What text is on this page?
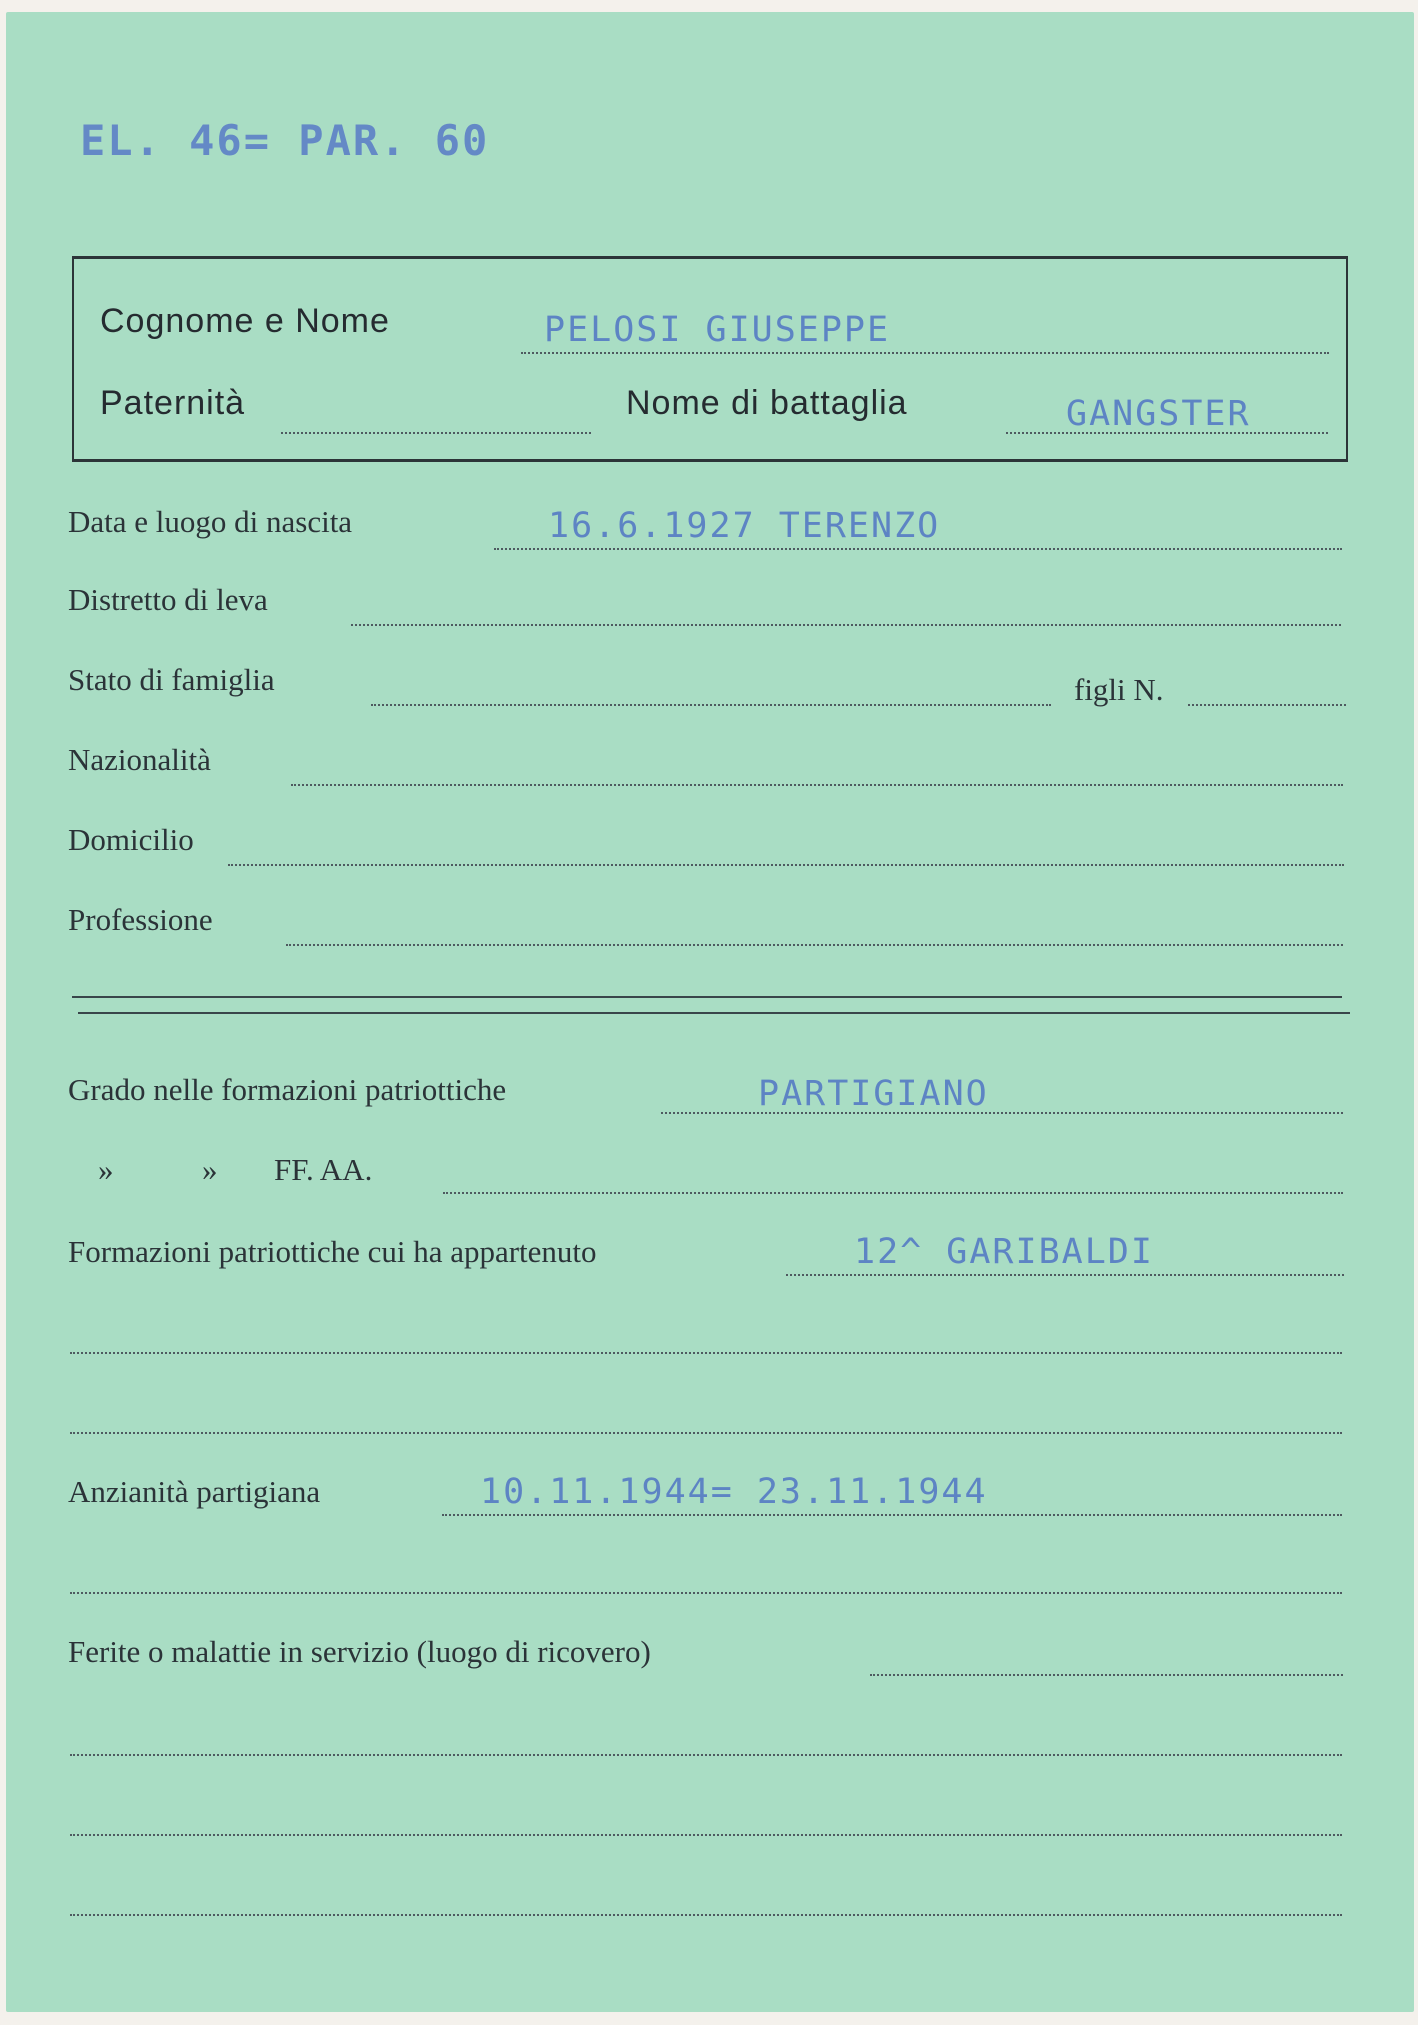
EL. 46= PAR. 60
Cognome e Nome	PELOSI GIUSEPPE
Paternità	Nome di battaglia	GANGSTER
Data e luogo di nascita	16.6.1927 TERENZO
Distretto di leva
Stato di famiglia	figli N.
Nazionalità
Domicilio
Professione
Grado nelle formazioni patriottiche	PARTIGIANO
»	» FF. AA.
Formazioni patriottiche cui ha appartenuto	12^ GARIBALDI
Anzianità partigiana	10.11.1944= 23.11.1944
Ferite o malattie in servizio (luogo di ricovero)
